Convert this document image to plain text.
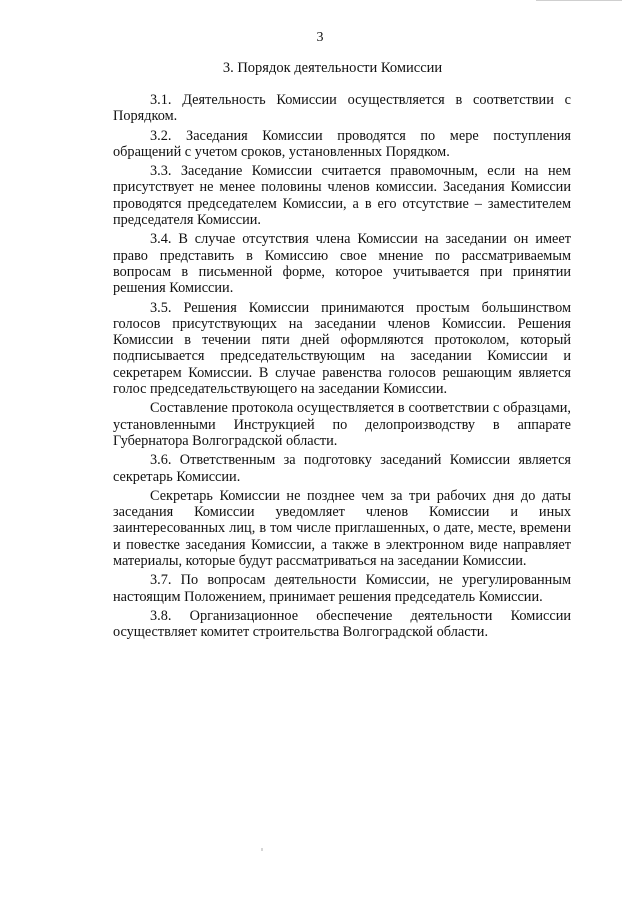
3
3. Порядок деятельности Комиссии

3.1. Деятельность Комиссии осуществляется в соответствии с Порядком.

3.2. Заседания Комиссии проводятся по мере поступления обращений с учетом сроков, установленных Порядком.

3.3. Заседание Комиссии считается правомочным, если на нем присутствует не менее половины членов комиссии. Заседания Комиссии проводятся председателем Комиссии, а в его отсутствие – заместителем председателя Комиссии.

3.4. В случае отсутствия члена Комиссии на заседании он имеет право представить в Комиссию свое мнение по рассматриваемым вопросам в письменной форме, которое учитывается при принятии решения Комиссии.

3.5. Решения Комиссии принимаются простым большинством голосов присутствующих на заседании членов Комиссии. Решения Комиссии в течении пяти дней оформляются протоколом, который подписывается председательствующим на заседании Комиссии и секретарем Комиссии. В случае равенства голосов решающим является голос председательствующего на заседании Комиссии.

Составление протокола осуществляется в соответствии с образцами, установленными Инструкцией по делопроизводству в аппарате Губернатора Волгоградской области.

3.6. Ответственным за подготовку заседаний Комиссии является секретарь Комиссии.

Секретарь Комиссии не позднее чем за три рабочих дня до даты заседания Комиссии уведомляет членов Комиссии и иных заинтересованных лиц, в том числе приглашенных, о дате, месте, времени и повестке заседания Комиссии, а также в электронном виде направляет материалы, которые будут рассматриваться на заседании Комиссии.

3.7. По вопросам деятельности Комиссии, не урегулированным настоящим Положением, принимает решения председатель Комиссии.

3.8. Организационное обеспечение деятельности Комиссии осуществляет комитет строительства Волгоградской области.
